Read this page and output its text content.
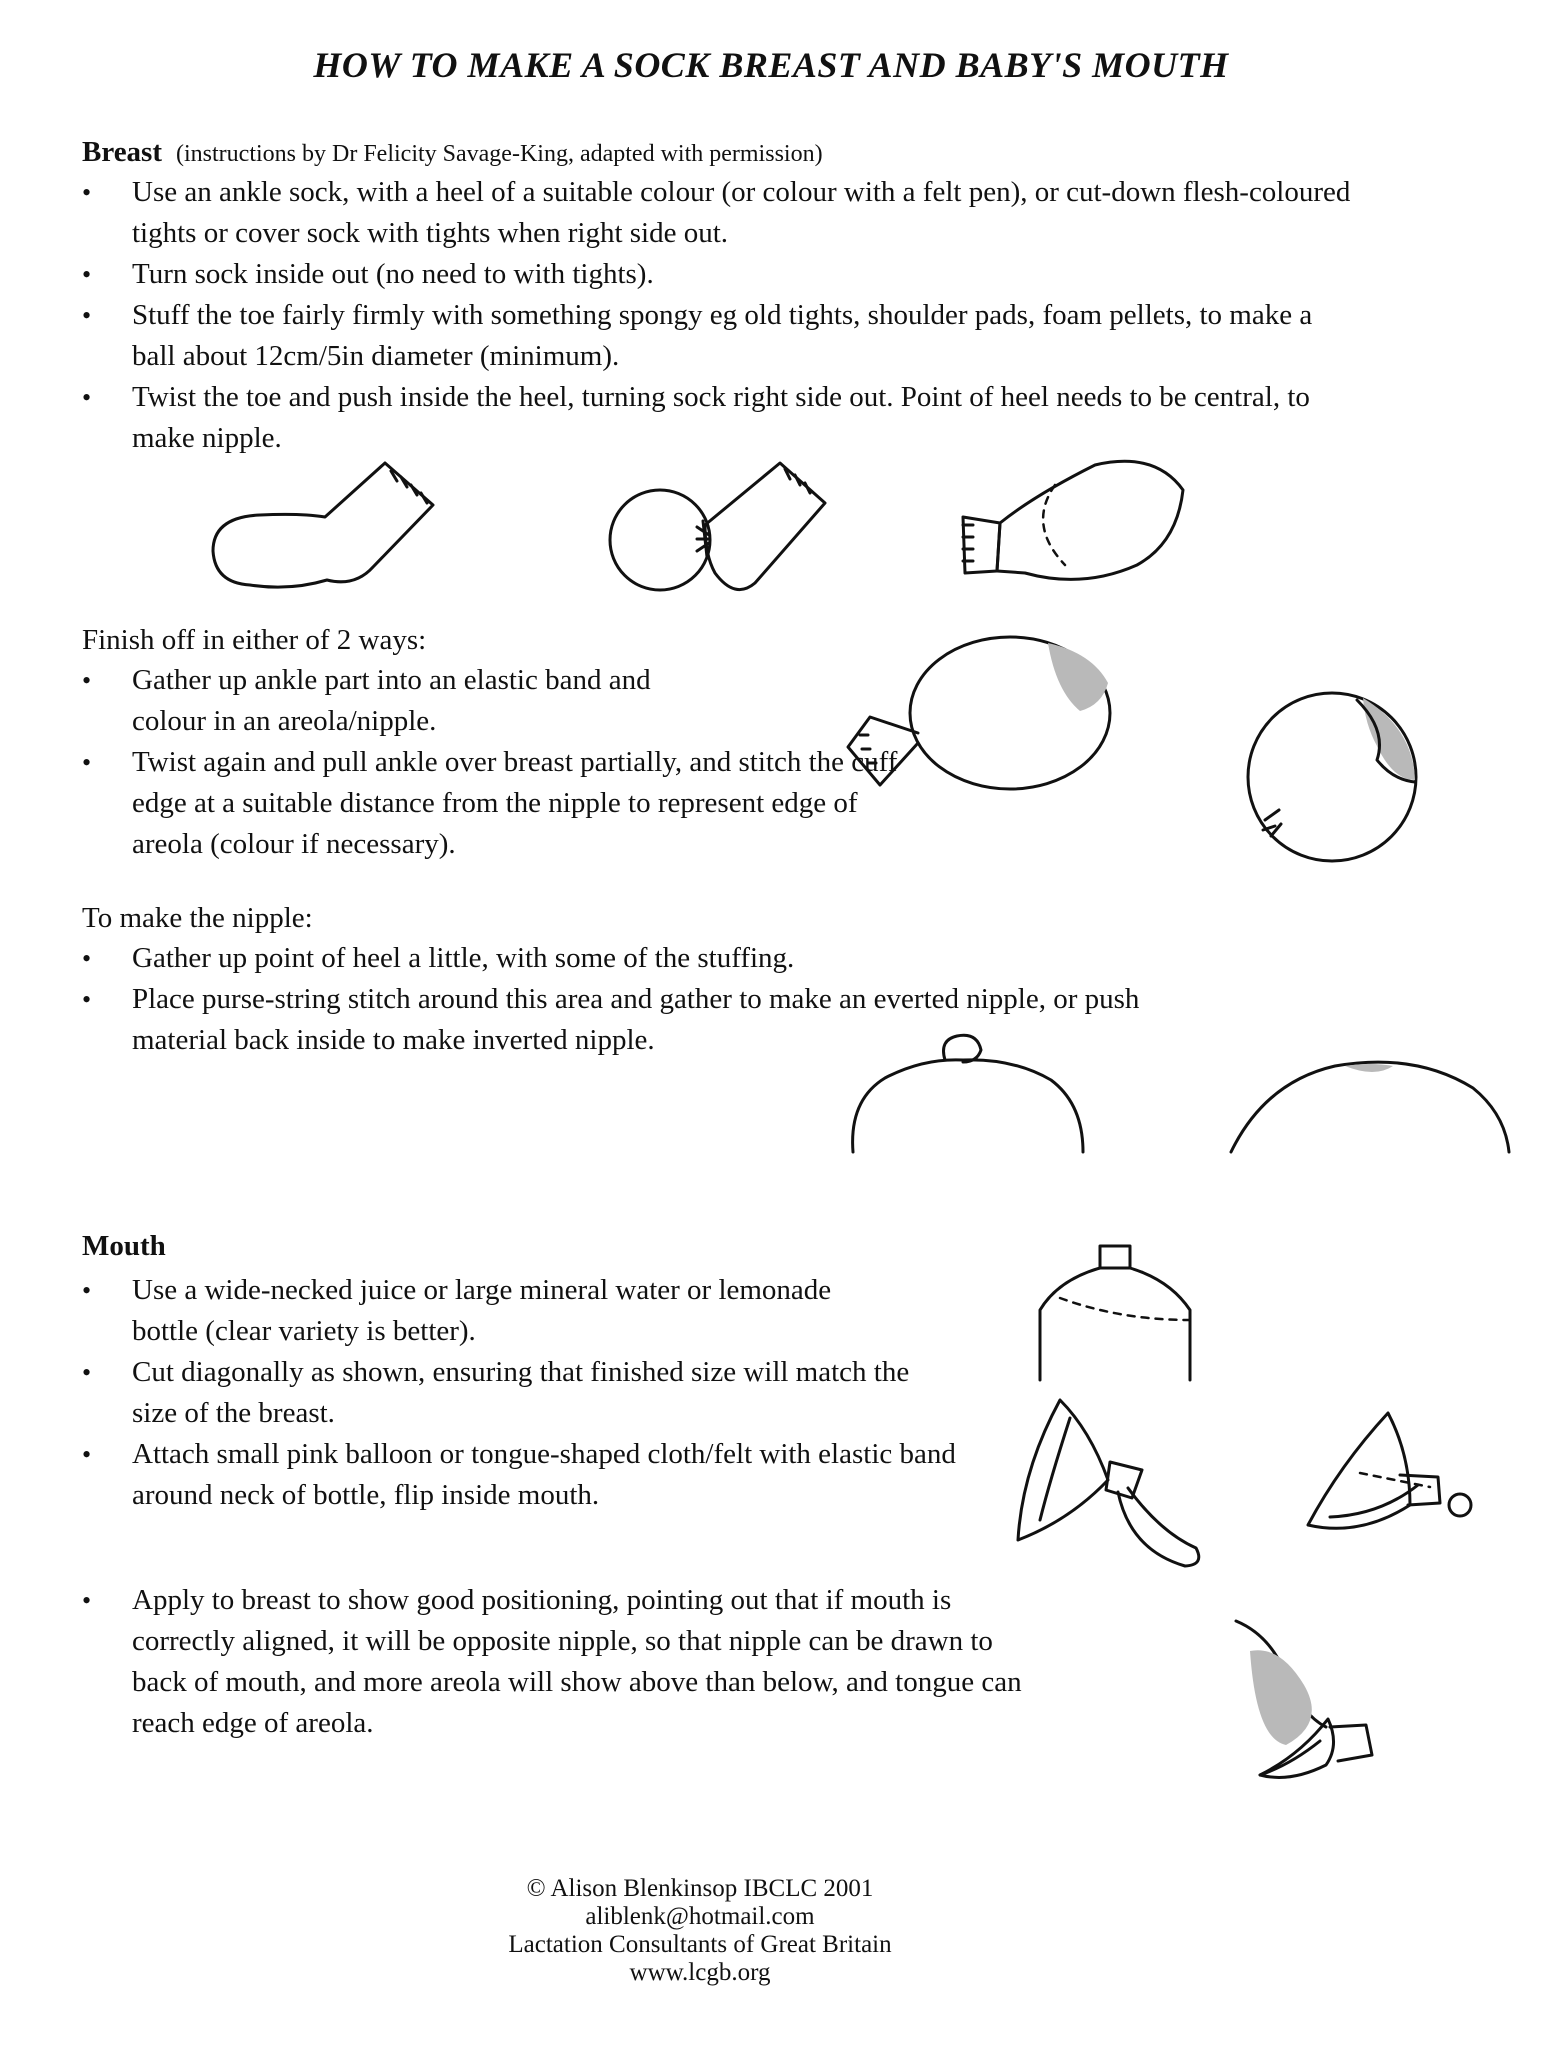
HOW TO MAKE A SOCK BREAST AND BABY'S MOUTH
Breast (instructions by Dr Felicity Savage-King, adapted with permission)
• Use an ankle sock, with a heel of a suitable colour (or colour with a felt pen), or cut-down flesh-coloured tights or cover sock with tights when right side out.
• Turn sock inside out (no need to with tights).
• Stuff the toe fairly firmly with something spongy eg old tights, shoulder pads, foam pellets, to make a ball about 12cm/5in diameter (minimum).
• Twist the toe and push inside the heel, turning sock right side out. Point of heel needs to be central, to make nipple.
Finish off in either of 2 ways:
• Gather up ankle part into an elastic band and colour in an areola/nipple.
• Twist again and pull ankle over breast partially, and stitch the cuff edge at a suitable distance from the nipple to represent edge of areola (colour if necessary).
To make the nipple:
• Gather up point of heel a little, with some of the stuffing.
• Place purse-string stitch around this area and gather to make an everted nipple, or push material back inside to make inverted nipple.
Mouth
• Use a wide-necked juice or large mineral water or lemonade bottle (clear variety is better).
• Cut diagonally as shown, ensuring that finished size will match the size of the breast.
• Attach small pink balloon or tongue-shaped cloth/felt with elastic band around neck of bottle, flip inside mouth.
• Apply to breast to show good positioning, pointing out that if mouth is correctly aligned, it will be opposite nipple, so that nipple can be drawn to back of mouth, and more areola will show above than below, and tongue can reach edge of areola.
© Alison Blenkinsop IBCLC 2001
aliblenk@hotmail.com
Lactation Consultants of Great Britain
www.lcgb.org
